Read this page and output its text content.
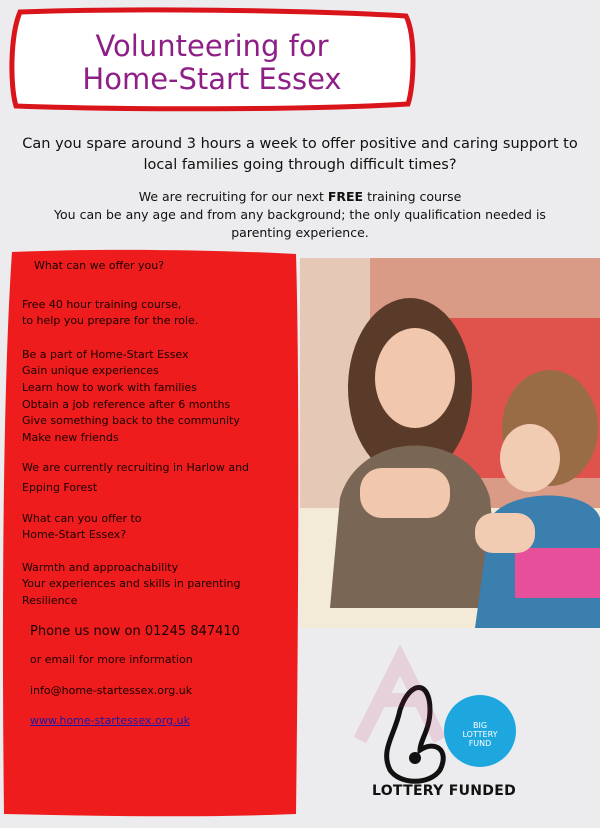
Volunteering for
Home-Start Essex
Can you spare around 3 hours a week to offer positive and caring support to local families going through difficult times?
We are recruiting for our next FREE training course
You can be any age and from any background; the only qualification needed is parenting experience.

What can we offer you?

Free 40 hour training course,

to help you prepare for the role.

Be a part of Home-Start Essex

Gain unique experiences

Learn how to work with families

Obtain a job reference after 6 months

Give something back to the community

Make new friends

We are currently recruiting in Harlow and

Epping Forest

What can you offer to

Home-Start Essex?

Warmth and approachability

Your experiences and skills in parenting

Resilience

Phone us now on 01245 847410

or email for more information

info@home-startessex.org.uk

www.home-startessex.org.uk	BIG
LOTTERY
FUND
LOTTERY FUNDED
